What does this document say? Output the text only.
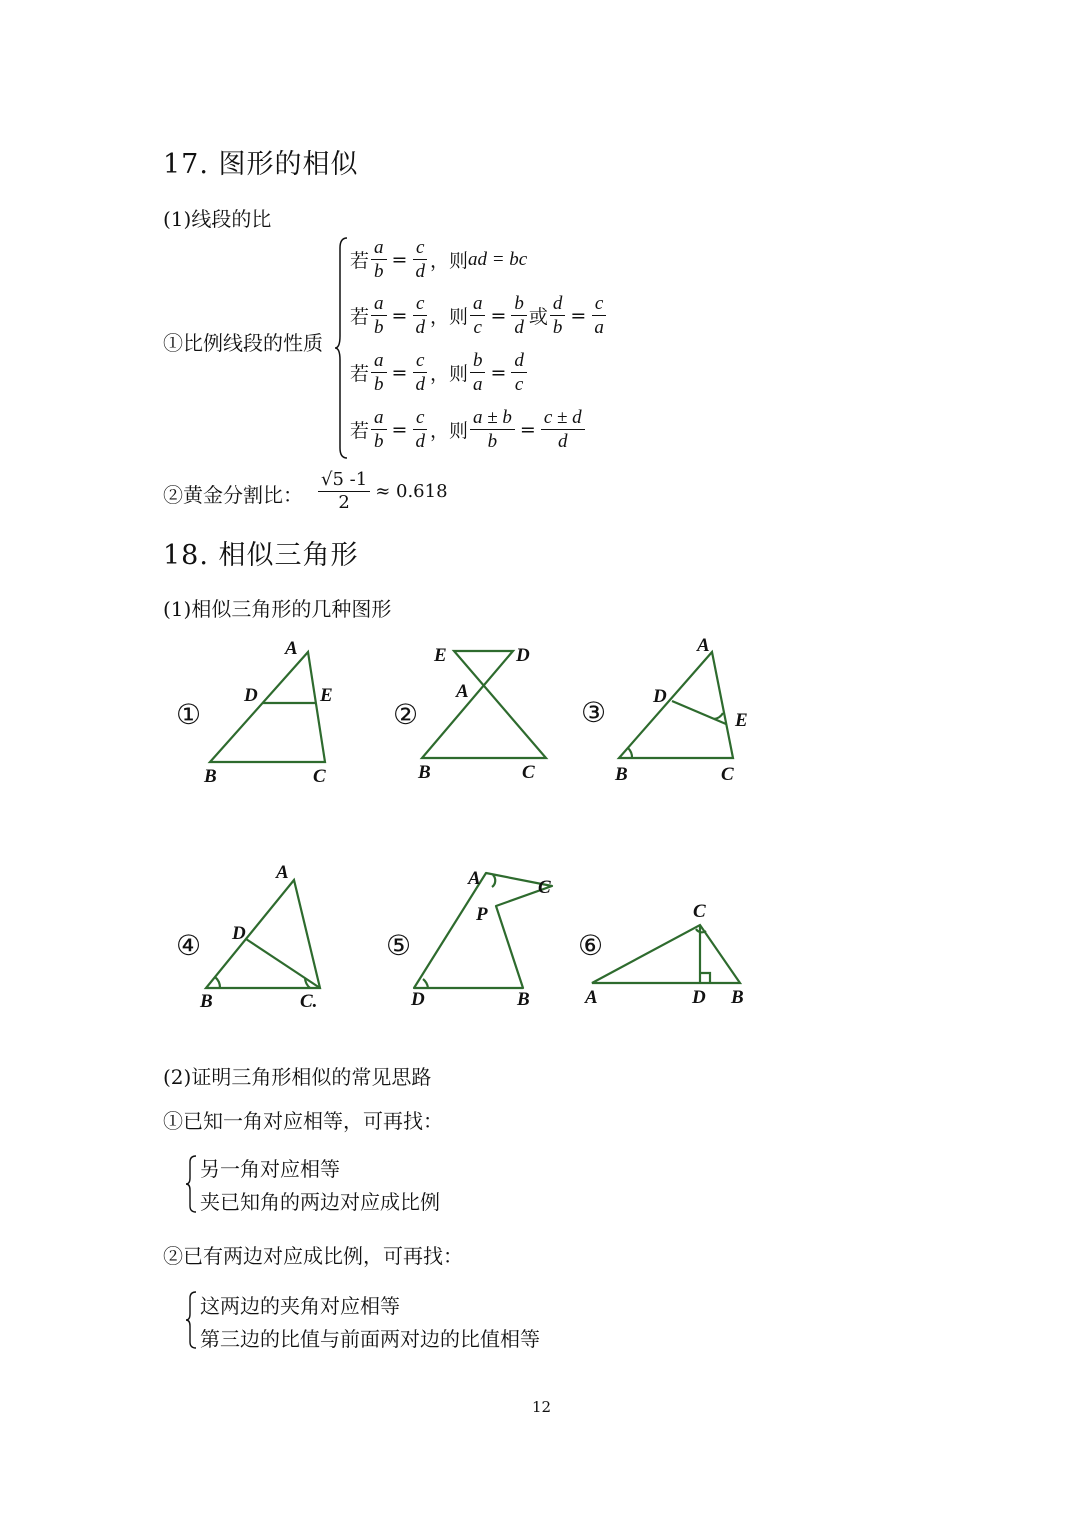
17. 图形的相似
(1)线段的比
①比例线段的性质
若 $\frac{a}{b} = \frac{c}{d}$ ，则 ad = bc
若 $\frac{a}{b} = \frac{c}{d}$ ，则 $\frac{a}{c} = \frac{b}{d}$ 或 $\frac{d}{b} = \frac{c}{a}$
若 $\frac{a}{b} = \frac{c}{d}$ ，则 $\frac{b}{a} = \frac{d}{c}$
若 $\frac{a}{b} = \frac{c}{d}$ ，则 $\frac{a \pm b}{b} = \frac{c \pm d}{d}$
②黄金分割比： $\frac{√5 -1}{2} \approx 0.618$
18. 相似三角形
(1)相似三角形的几种图形
①	②	③
④	⑤	⑥
A
D	E
B	C
E	D
A
B	C
A
D
E
B	C
A
D
B	C.
A	C
P
D	B
C
A	D B
(2)证明三角形相似的常见思路
①已知一角对应相等，可再找：
另一角对应相等
夹已知角的两边对应成比例
②已有两边对应成比例，可再找：
这两边的夹角对应相等
第三边的比值与前面两对边的比值相等
12
